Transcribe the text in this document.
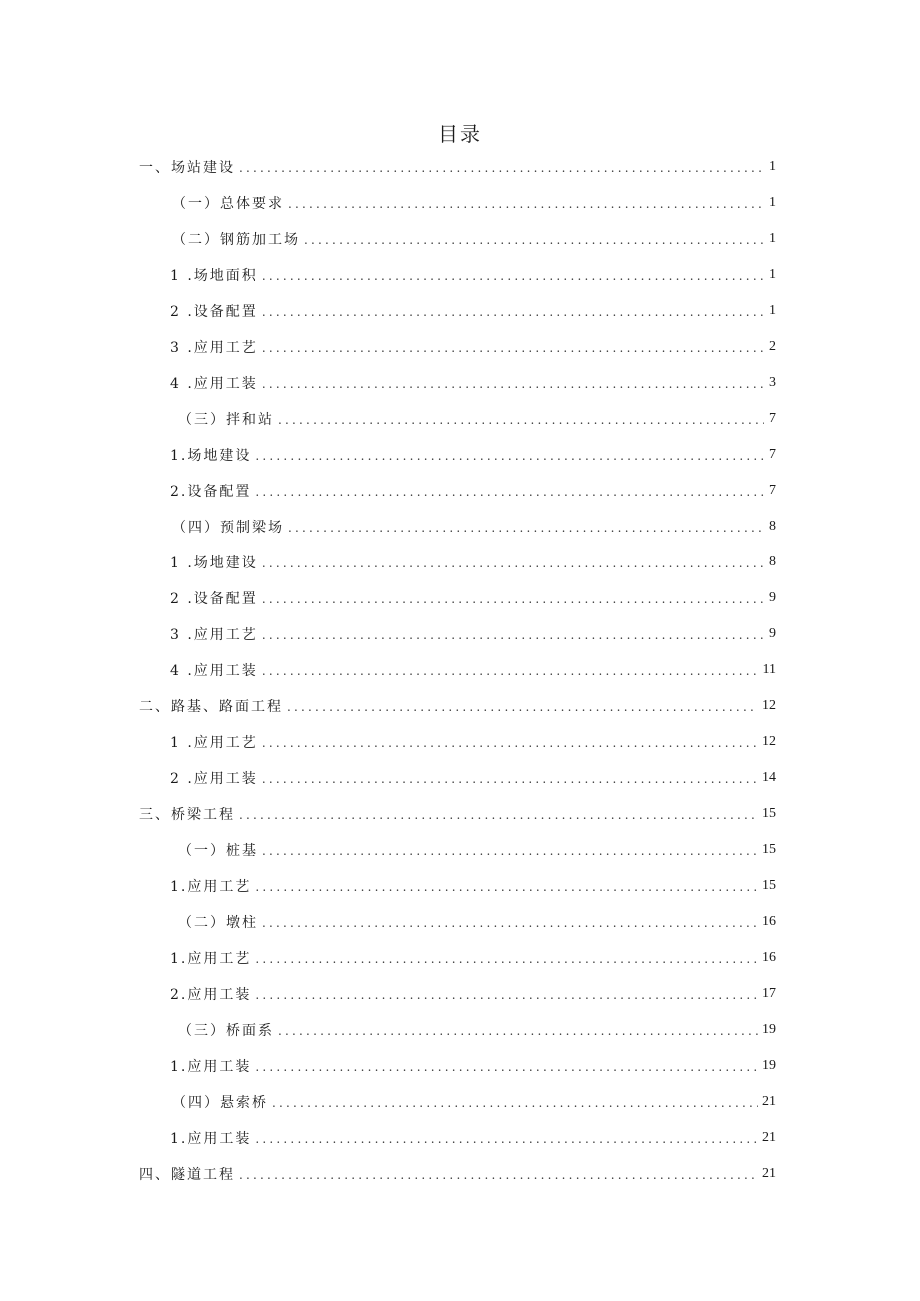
目录
一、场站建设 .....	1
（一）总体要求 .....	1
（二）钢筋加工场 .....	1
1 .场地面积 .....	1
2 .设备配置 .....	1
3 .应用工艺 .....	2
4 .应用工装 .....	3
（三）拌和站 .....	7
1.场地建设 .....	7
2.设备配置 .....	7
（四）预制梁场 .....	8
1 .场地建设 .....	8
2 .设备配置 .....	9
3 .应用工艺 .....	9
4 .应用工装 .....	11
二、路基、路面工程 .....	12
1 .应用工艺 .....	12
2 .应用工装 .....	14
三、桥梁工程 .....	15
（一）桩基 .....	15
1.应用工艺 .....	15
（二）墩柱 .....	16
1.应用工艺 .....	16
2.应用工装 .....	17
（三）桥面系 .....	19
1.应用工装 .....	19
（四）悬索桥 .....	21
1.应用工装 .....	21
四、隧道工程 .....	21
